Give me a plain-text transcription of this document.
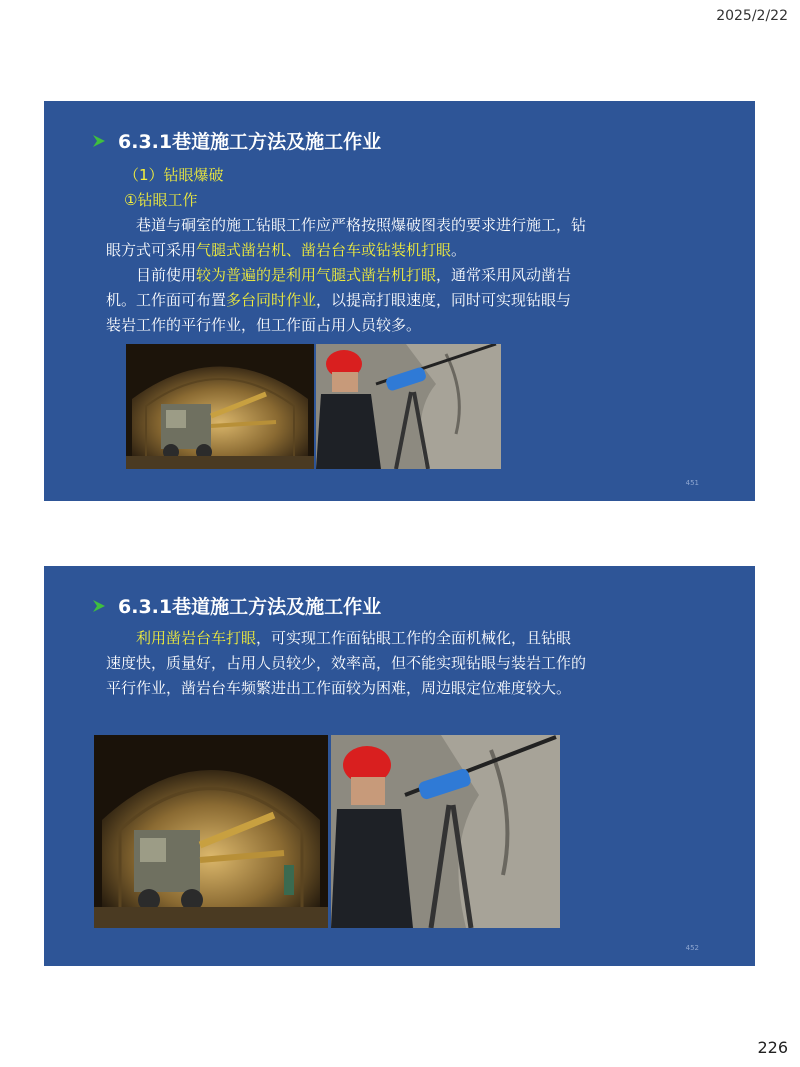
2025/2/22
6.3.1巷道施工方法及施工作业
（1）钻眼爆破
①钻眼工作
巷道与硐室的施工钻眼工作应严格按照爆破图表的要求进行施工，钻眼方式可采用气腿式凿岩机、凿岩台车或钻装机打眼。
目前使用较为普遍的是利用气腿式凿岩机打眼，通常采用风动凿岩机。工作面可布置多台同时作业，以提高打眼速度，同时可实现钻眼与装岩工作的平行作业，但工作面占用人员较多。
451
6.3.1巷道施工方法及施工作业
利用凿岩台车打眼，可实现工作面钻眼工作的全面机械化，且钻眼速度快，质量好，占用人员较少，效率高，但不能实现钻眼与装岩工作的平行作业，凿岩台车频繁进出工作面较为困难，周边眼定位难度较大。
452
226
